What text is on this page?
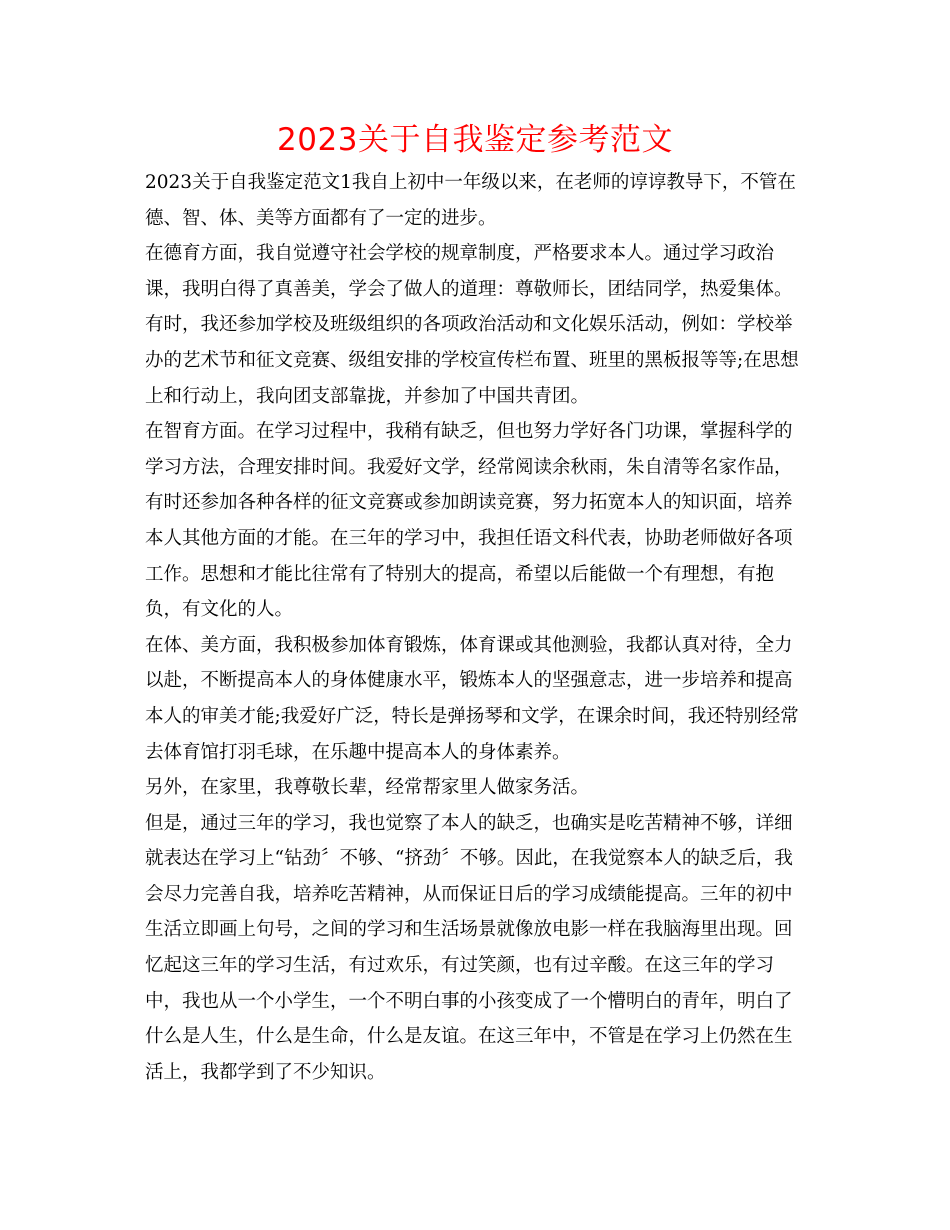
2023关于自我鉴定参考范文
2023关于自我鉴定范文1我自上初中一年级以来，在老师的谆谆教导下，不管在
德、智、体、美等方面都有了一定的进步。
在德育方面，我自觉遵守社会学校的规章制度，严格要求本人。通过学习政治
课，我明白得了真善美，学会了做人的道理：尊敬师长，团结同学，热爱集体。
有时，我还参加学校及班级组织的各项政治活动和文化娱乐活动，例如：学校举
办的艺术节和征文竞赛、级组安排的学校宣传栏布置、班里的黑板报等等;在思想
上和行动上，我向团支部靠拢，并参加了中国共青团。
在智育方面。在学习过程中，我稍有缺乏，但也努力学好各门功课，掌握科学的
学习方法，合理安排时间。我爱好文学，经常阅读余秋雨，朱自清等名家作品，
有时还参加各种各样的征文竞赛或参加朗读竞赛，努力拓宽本人的知识面，培养
本人其他方面的才能。在三年的学习中，我担任语文科代表，协助老师做好各项
工作。思想和才能比往常有了特别大的提高，希望以后能做一个有理想，有抱
负，有文化的人。
在体、美方面，我积极参加体育锻炼，体育课或其他测验，我都认真对待，全力
以赴，不断提高本人的身体健康水平，锻炼本人的坚强意志，进一步培养和提高
本人的审美才能;我爱好广泛，特长是弹扬琴和文学，在课余时间，我还特别经常
去体育馆打羽毛球，在乐趣中提高本人的身体素养。
另外，在家里，我尊敬长辈，经常帮家里人做家务活。
但是，通过三年的学习，我也觉察了本人的缺乏，也确实是吃苦精神不够，详细
就表达在学习上“钻劲〞不够、“挤劲〞不够。因此，在我觉察本人的缺乏后，我
会尽力完善自我，培养吃苦精神，从而保证日后的学习成绩能提高。三年的初中
生活立即画上句号，之间的学习和生活场景就像放电影一样在我脑海里出现。回
忆起这三年的学习生活，有过欢乐，有过笑颜，也有过辛酸。在这三年的学习
中，我也从一个小学生，一个不明白事的小孩变成了一个懵明白的青年，明白了
什么是人生，什么是生命，什么是友谊。在这三年中，不管是在学习上仍然在生
活上，我都学到了不少知识。
